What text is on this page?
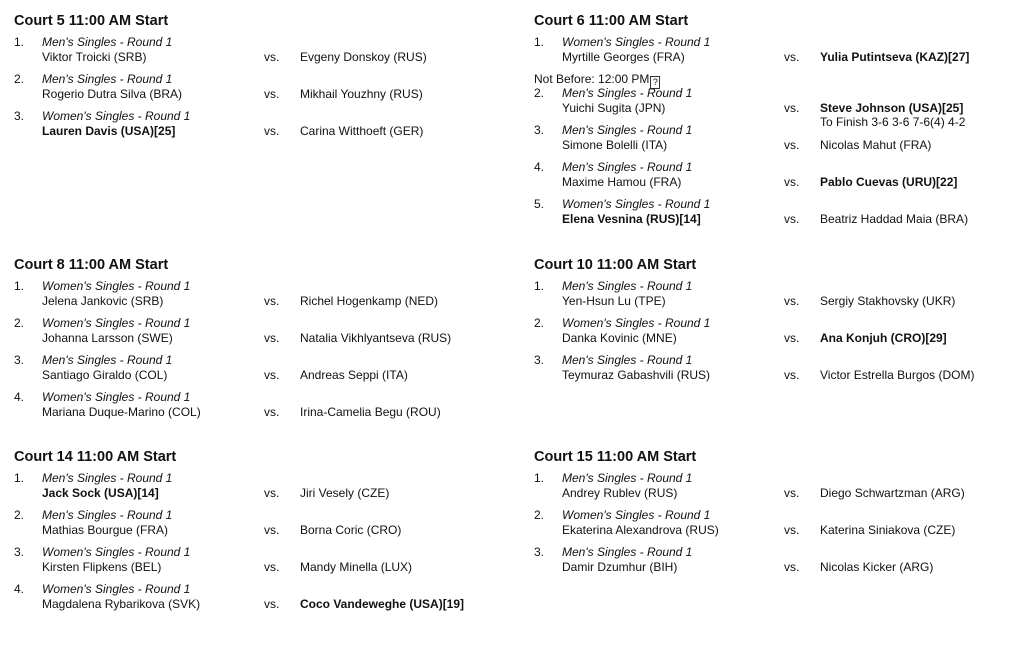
Court 5 11:00 AM Start
1. Men's Singles - Round 1
Viktor Troicki (SRB)	vs. Evgeny Donskoy (RUS)
2. Men's Singles - Round 1
Rogerio Dutra Silva (BRA)	vs. Mikhail Youzhny (RUS)
3. Women's Singles - Round 1
Lauren Davis (USA)[25]	vs. Carina Witthoeft (GER)
Court 6 11:00 AM Start
1. Women's Singles - Round 1
Myrtille Georges (FRA)	vs. Yulia Putintseva (KAZ)[27]
Not Before: 12:00 PM ?
2. Men's Singles - Round 1
Yuichi Sugita (JPN)	vs. Steve Johnson (USA)[25]
To Finish 3-6 3-6 7-6(4) 4-2
3. Men's Singles - Round 1
Simone Bolelli (ITA)	vs. Nicolas Mahut (FRA)
4. Men's Singles - Round 1
Maxime Hamou (FRA)	vs. Pablo Cuevas (URU)[22]
5. Women's Singles - Round 1
Elena Vesnina (RUS)[14]	vs. Beatriz Haddad Maia (BRA)
Court 8 11:00 AM Start
1. Women's Singles - Round 1
Jelena Jankovic (SRB)	vs. Richel Hogenkamp (NED)
2. Women's Singles - Round 1
Johanna Larsson (SWE)	vs. Natalia Vikhlyantseva (RUS)
3. Men's Singles - Round 1
Santiago Giraldo (COL)	vs. Andreas Seppi (ITA)
4. Women's Singles - Round 1
Mariana Duque-Marino (COL)	vs. Irina-Camelia Begu (ROU)
Court 10 11:00 AM Start
1. Men's Singles - Round 1
Yen-Hsun Lu (TPE)	vs. Sergiy Stakhovsky (UKR)
2. Women's Singles - Round 1
Danka Kovinic (MNE)	vs. Ana Konjuh (CRO)[29]
3. Men's Singles - Round 1
Teymuraz Gabashvili (RUS)	vs. Victor Estrella Burgos (DOM)
Court 14 11:00 AM Start
1. Men's Singles - Round 1
Jack Sock (USA)[14]	vs. Jiri Vesely (CZE)
2. Men's Singles - Round 1
Mathias Bourgue (FRA)	vs. Borna Coric (CRO)
3. Women's Singles - Round 1
Kirsten Flipkens (BEL)	vs. Mandy Minella (LUX)
4. Women's Singles - Round 1
Magdalena Rybarikova (SVK)	vs. Coco Vandeweghe (USA)[19]
Court 15 11:00 AM Start
1. Men's Singles - Round 1
Andrey Rublev (RUS)	vs. Diego Schwartzman (ARG)
2. Women's Singles - Round 1
Ekaterina Alexandrova (RUS)	vs. Katerina Siniakova (CZE)
3. Men's Singles - Round 1
Damir Dzumhur (BIH)	vs. Nicolas Kicker (ARG)
